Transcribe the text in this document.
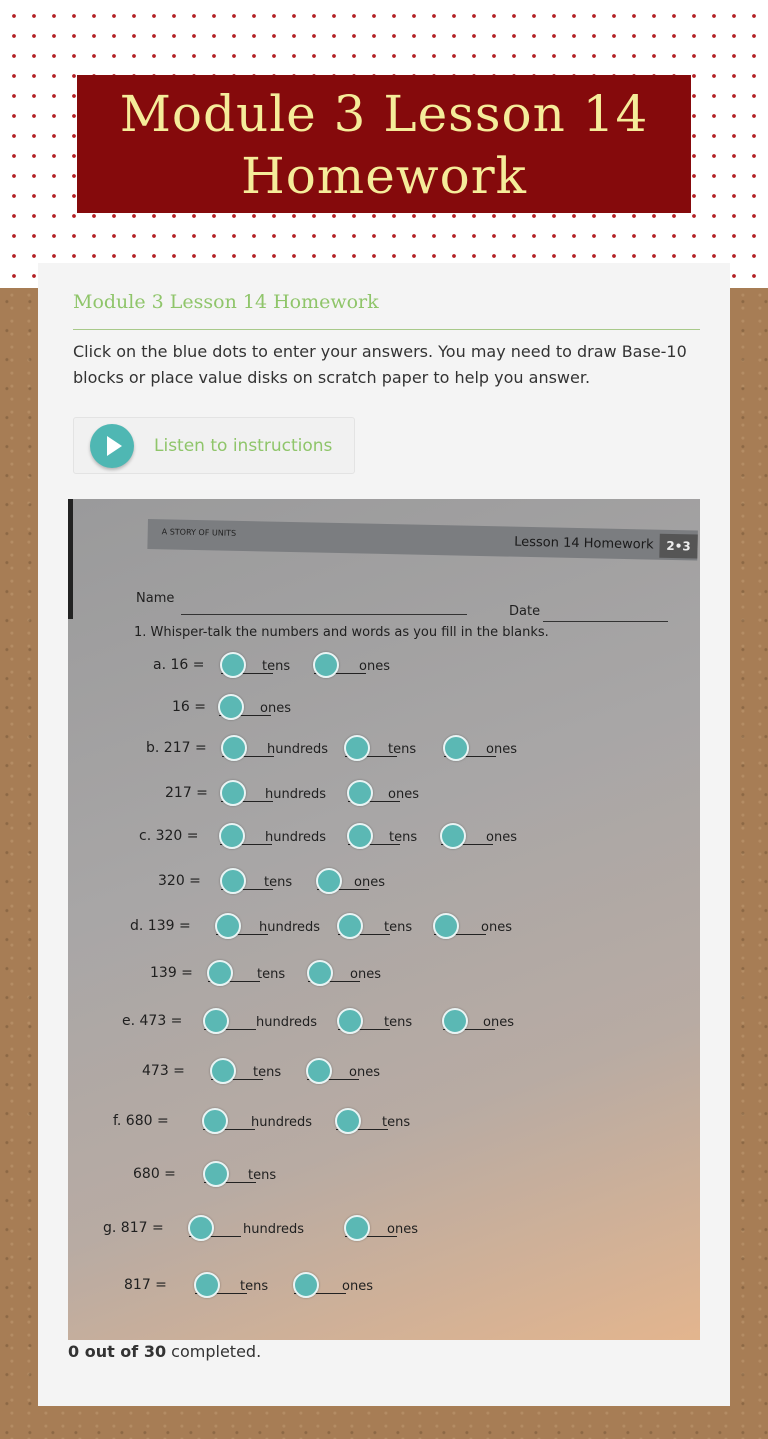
Module 3 Lesson 14 Homework
Module 3 Lesson 14 Homework
Click on the blue dots to enter your answers. You may need to draw Base-10 blocks or place value disks on scratch paper to help you answer.
Listen to instructions
A STORY OF UNITS
Lesson 14 Homework	2•3
Name
Date
1. Whisper-talk the numbers and words as you fill in the blanks.
a. 16 =	tens	ones
16 =	ones
b. 217 =	hundreds	tens	ones
217 =	hundreds	ones
c. 320 =	hundreds	tens	ones
320 =	tens	ones
d. 139 =	hundreds	tens	ones
139 =	tens	ones
e. 473 =	hundreds	tens	ones
473 =	tens	ones
f. 680 =	hundreds	tens
680 =	tens
g. 817 =	hundreds	ones
817 =	tens	ones
0 out of 30 completed.
